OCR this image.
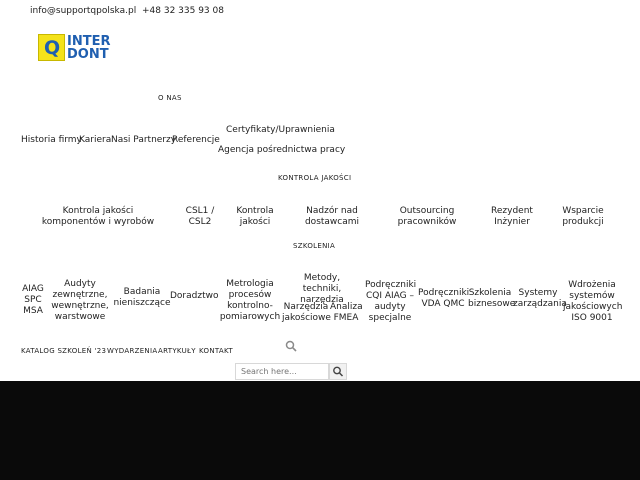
info@supportqpolska.pl +48 32 335 93 08
Q INTER
DONT
O NAS
Historia firmy
Kariera Nasi Partnerzy
Referencje
Certyfikaty/Uprawnienia
Agencja pośrednictwa pracy
KONTROLA JAKOŚCI
Kontrola jakości komponentów i wyrobów
CSL1 / CSL2
Kontrola jakości
Nadzór nad dostawcami
Outsourcing pracowników
Rezydent Inżynier
Wsparcie produkcji
SZKOLENIA
AIAG SPC MSA
Audyty zewnętrzne, wewnętrzne, warstwowe
Badania nieniszczące
Doradztwo
Metrologia procesów kontrolno-pomiarowych
Metody, techniki, narzędzia
Narzędzia jakościowe
Analiza FMEA
Podręczniki CQI AIAG – audyty specjalne
Podręczniki VDA QMC
Szkolenia biznesowe
Systemy zarządzania
Wdrożenia systemów jakościowych ISO 9001
KATALOG SZKOLEŃ '23 WYDARZENIA ARTYKUŁY KONTAKT
Search here...
